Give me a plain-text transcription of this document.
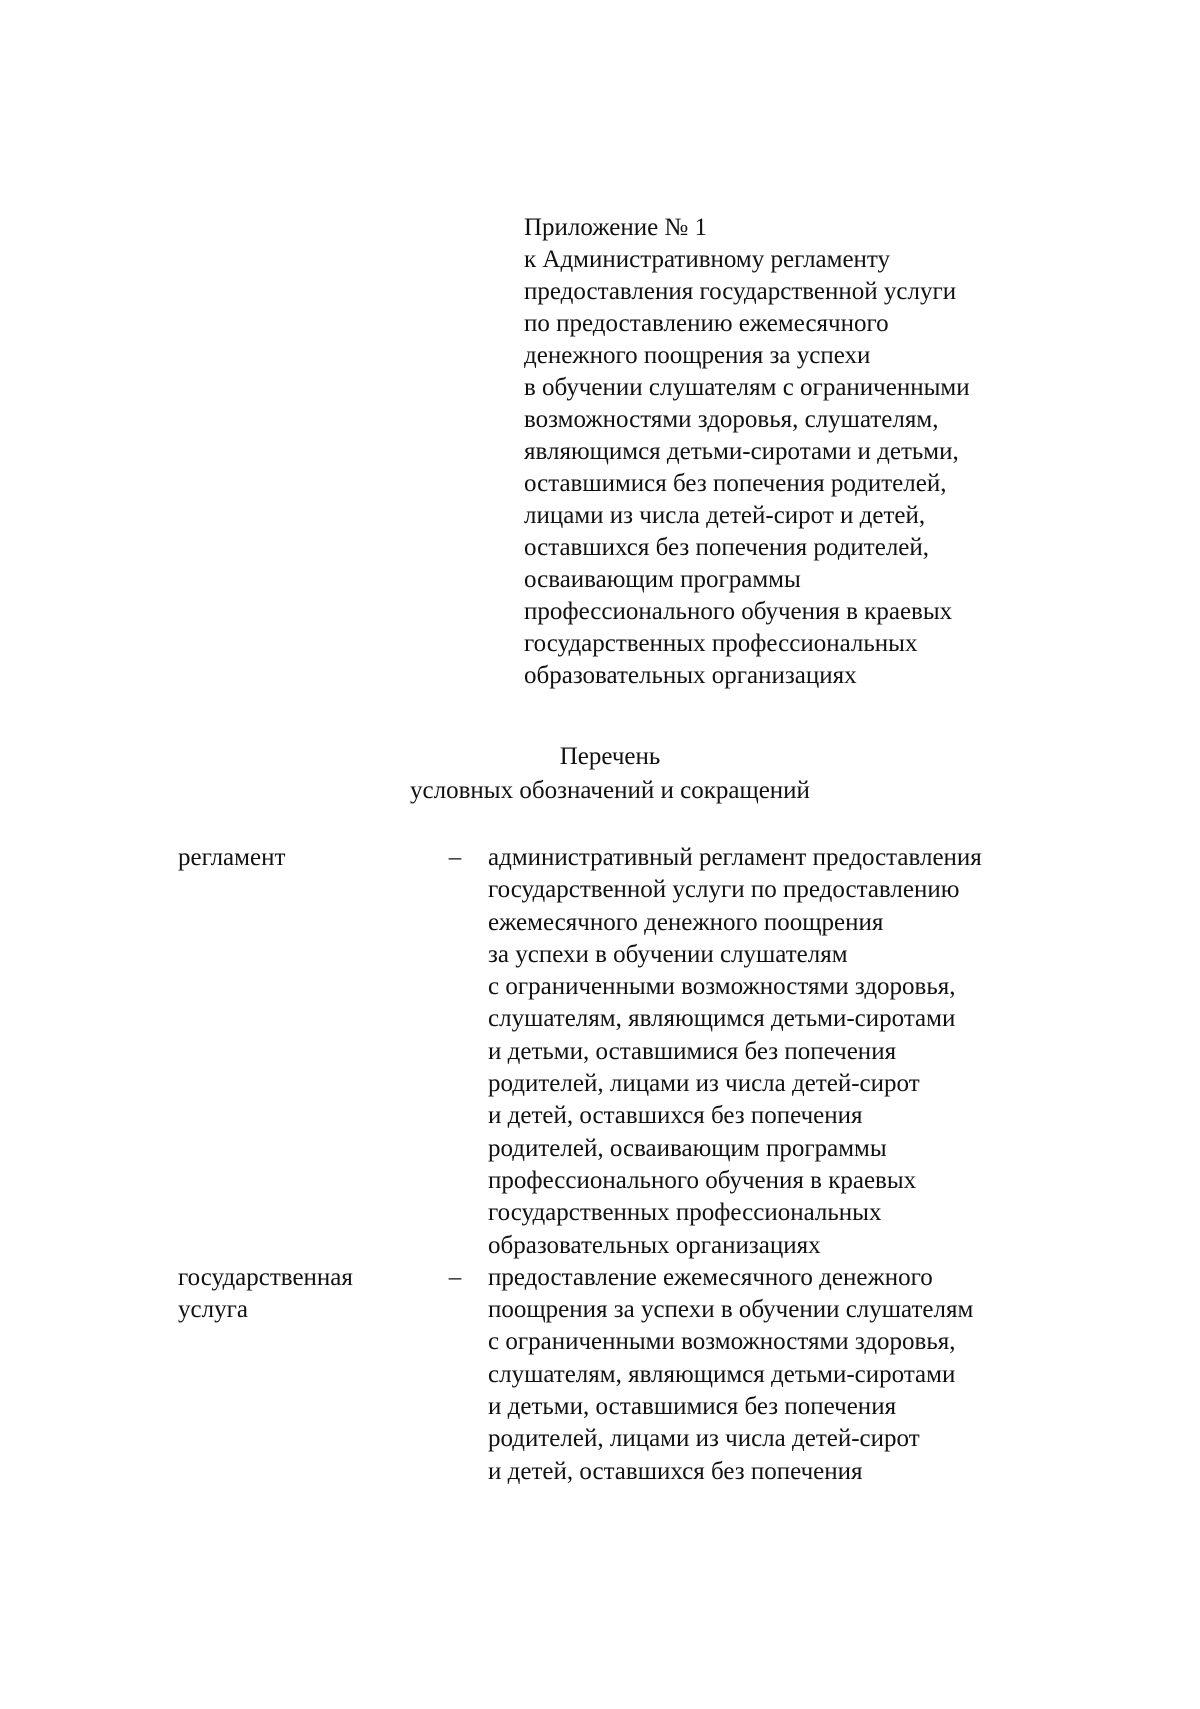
Приложение № 1
к Административному регламенту
предоставления государственной услуги
по предоставлению ежемесячного
денежного поощрения за успехи
в обучении слушателям с ограниченными
возможностями здоровья, слушателям,
являющимся детьми-сиротами и детьми,
оставшимися без попечения родителей,
лицами из числа детей-сирот и детей,
оставшихся без попечения родителей,
осваивающим программы
профессионального обучения в краевых
государственных профессиональных
образовательных организациях
Перечень
условных обозначений и сокращений
регламент	–	административный регламент предоставления
государственной услуги по предоставлению
ежемесячного денежного поощрения
за успехи в обучении слушателям
с ограниченными возможностями здоровья,
слушателям, являющимся детьми-сиротами
и детьми, оставшимися без попечения
родителей, лицами из числа детей-сирот
и детей, оставшихся без попечения
родителей, осваивающим программы
профессионального обучения в краевых
государственных профессиональных
образовательных организациях
государственная
услуга
–	предоставление ежемесячного денежного
поощрения за успехи в обучении слушателям
с ограниченными возможностями здоровья,
слушателям, являющимся детьми-сиротами
и детьми, оставшимися без попечения
родителей, лицами из числа детей-сирот
и детей, оставшихся без попечения
